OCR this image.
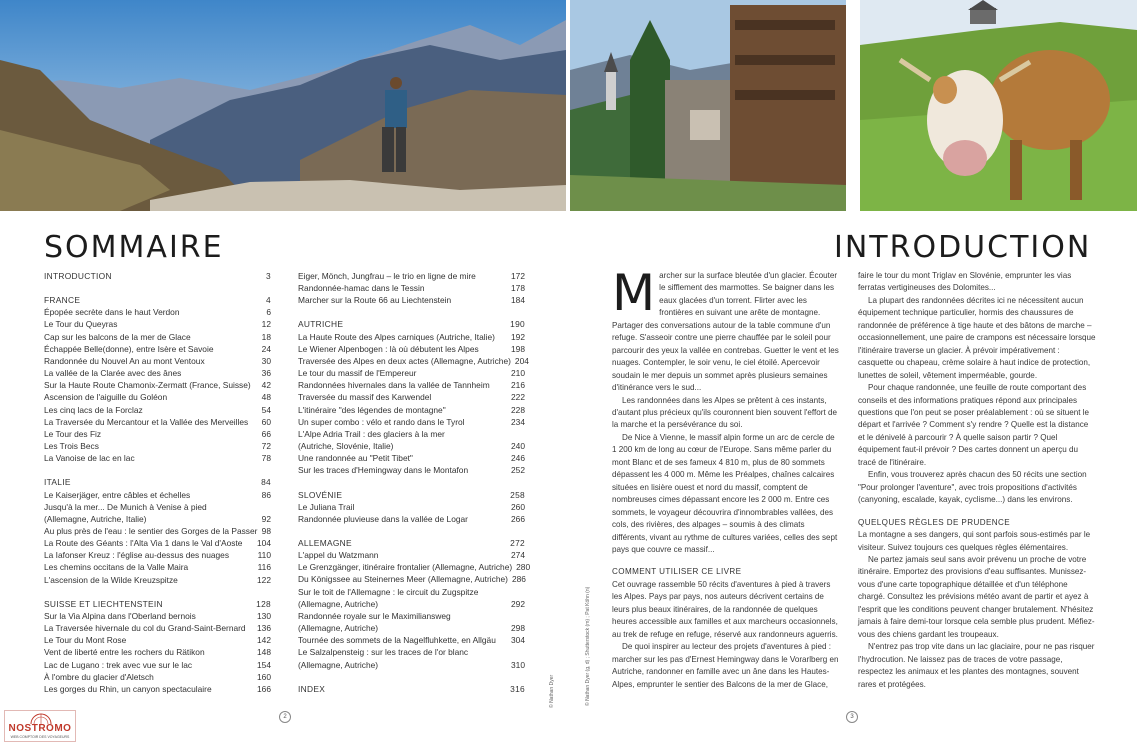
SOMMAIRE
INTRODUCTION	3
FRANCE	4
Épopée secrète dans le haut Verdon	6
Le Tour du Queyras	12
Cap sur les balcons de la mer de Glace	18
Échappée Belle(donne), entre Isère et Savoie	24
Randonnée du Nouvel An au mont Ventoux	30
La vallée de la Clarée avec des ânes	36
Sur la Haute Route Chamonix-Zermatt (France, Suisse)	42
Ascension de l'aiguille du Goléon	48
Les cinq lacs de la Forclaz	54
La Traversée du Mercantour et la Vallée des Merveilles	60
Le Tour des Fiz	66
Les Trois Becs	72
La Vanoise de lac en lac	78
ITALIE	84
Le Kaiserjäger, entre câbles et échelles	86
Jusqu'à la mer... De Munich à Venise à pied
(Allemagne, Autriche, Italie)	92
Au plus près de l'eau : le sentier des Gorges de la Passer 98
La Route des Géants : l'Alta Via 1 dans le Val d'Aoste	104
La Iafonser Kreuz : l'église au-dessus des nuages	110
Les chemins occitans de la Valle Maira	116
L'ascension de la Wilde Kreuzspitze	122
SUISSE ET LIECHTENSTEIN	128
Sur la Via Alpina dans l'Oberland bernois	130
La Traversée hivernale du col du Grand-Saint-Bernard	136
Le Tour du Mont Rose	142
Vent de liberté entre les rochers du Rätikon	148
Lac de Lugano : trek avec vue sur le lac	154
À l'ombre du glacier d'Aletsch	160
Les gorges du Rhin, un canyon spectaculaire	166
Eiger, Mönch, Jungfrau – le trio en ligne de mire	172
Randonnée-hamac dans le Tessin	178
Marcher sur la Route 66 au Liechtenstein	184
AUTRICHE	190
La Haute Route des Alpes carniques (Autriche, Italie)	192
Le Wiener Alpenbogen : là où débutent les Alpes	198
Traversée des Alpes en deux actes (Allemagne, Autriche) 204
Le tour du massif de l'Empereur	210
Randonnées hivernales dans la vallée de Tannheim	216
Traversée du massif des Karwendel	222
L'itinéraire "des légendes de montagne"	228
Un super combo : vélo et rando dans le Tyrol	234
L'Alpe Adria Trail : des glaciers à la mer
(Autriche, Slovénie, Italie)	240
Une randonnée au "Petit Tibet"	246
Sur les traces d'Hemingway dans le Montafon	252
SLOVÉNIE	258
Le Juliana Trail	260
Randonnée pluvieuse dans la vallée de Logar	266
ALLEMAGNE	272
L'appel du Watzmann	274
Le Grenzgänger, itinéraire frontalier (Allemagne, Autriche) 280
Du Königssee au Steinernes Meer (Allemagne, Autriche) 286
Sur le toit de l'Allemagne : le circuit du Zugspitze
(Allemagne, Autriche)	292
Randonnée royale sur le Maximiliansweg
(Allemagne, Autriche)	298
Tournée des sommets de la Nagelfluhkette, en Allgäu	304
Le Salzalpensteig : sur les traces de l'or blanc
(Allemagne, Autriche)	310
INDEX	316	© Nathan Dyer
2
INTRODUCTION
© Nathan Dyer (g, d) ; Shutterstock (m) ; Pat Köhn (n)
M archer sur la surface bleutée d'un glacier. Écouter le sifflement des marmottes. Se baigner dans les eaux glacées d'un torrent. Flirter avec les frontières en suivant une arête de montagne. Partager des conversations autour de la table commune d'un refuge. S'asseoir contre une pierre chauffée par le soleil pour parcourir des yeux la vallée en contrebas. Guetter le vent et les nuages. Contempler, le soir venu, le ciel étoilé. Apercevoir soudain le mer depuis un sommet après plusieurs semaines d'itinérance vers le sud...

Les randonnées dans les Alpes se prêtent à ces instants, d'autant plus précieux qu'ils couronnent bien souvent l'effort de la marche et la persévérance du soi.

De Nice à Vienne, le massif alpin forme un arc de cercle de 1 200 km de long au cœur de l'Europe. Sans même parler du mont Blanc et de ses fameux 4 810 m, plus de 80 sommets dépassent les 4 000 m. Même les Préalpes, chaînes calcaires situées en lisière ouest et nord du massif, comptent de nombreuses cimes dépassant encore les 2 000 m. Entre ces sommets, le voyageur découvrira d'innombrables vallées, des cols, des rivières, des alpages – soumis à des climats différents, vivant au rythme de cultures variées, celles des sept pays que couvre ce massif...

COMMENT UTILISER CE LIVRE

Cet ouvrage rassemble 50 récits d'aventures à pied à travers les Alpes. Pays par pays, nos auteurs décrivent certains de leurs plus beaux itinéraires, de la randonnée de quelques heures accessible aux familles et aux marcheurs occasionnels, au trek de refuge en refuge, réservé aux randonneurs aguerris.

De quoi inspirer au lecteur des projets d'aventures à pied : marcher sur les pas d'Ernest Hemingway dans le Vorarlberg en Autriche, randonner en famille avec un âne dans les Hautes-Alpes, emprunter le sentier des Balcons de la mer de Glace,

faire le tour du mont Triglav en Slovénie, emprunter les vias ferratas vertigineuses des Dolomites...

La plupart des randonnées décrites ici ne nécessitent aucun équipement technique particulier, hormis des chaussures de randonnée de préférence à tige haute et des bâtons de marche – occasionnellement, une paire de crampons est nécessaire lorsque l'itinéraire traverse un glacier. À prévoir impérativement : casquette ou chapeau, crème solaire à haut indice de protection, lunettes de soleil, vêtement imperméable, gourde.

Pour chaque randonnée, une feuille de route comportant des conseils et des informations pratiques répond aux principales questions que l'on peut se poser préalablement : où se situent le départ et l'arrivée ? Comment s'y rendre ? Quelle est la distance et le dénivelé à parcourir ? À quelle saison partir ? Quel équipement faut-il prévoir ? Des cartes donnent un aperçu du tracé de l'itinéraire.

Enfin, vous trouverez après chacun des 50 récits une section "Pour prolonger l'aventure", avec trois propositions d'activités (canyoning, escalade, kayak, cyclisme...) dans les environs.

QUELQUES RÈGLES DE PRUDENCE

La montagne a ses dangers, qui sont parfois sous-estimés par le visiteur. Suivez toujours ces quelques règles élémentaires.

Ne partez jamais seul sans avoir prévenu un proche de votre itinéraire. Emportez des provisions d'eau suffisantes. Munissez-vous d'une carte topographique détaillée et d'un téléphone chargé. Consultez les prévisions météo avant de partir et ayez à l'esprit que les conditions peuvent changer brutalement. N'hésitez jamais à faire demi-tour lorsque cela semble plus prudent. Méfiez-vous des chiens gardant les troupeaux.

N'entrez pas trop vite dans un lac glaciaire, pour ne pas risquer l'hydrocution. Ne laissez pas de traces de votre passage, respectez les animaux et les plantes des montagnes, souvent rares et protégées.

3
NOSTROMO
WEB COMPTOIR DES VOYAGEURS
